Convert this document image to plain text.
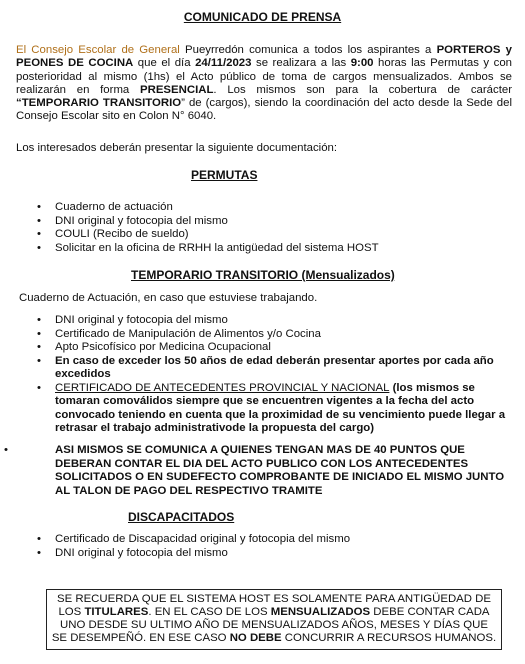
COMUNICADO DE PRENSA
El Consejo Escolar de General Pueyrredón comunica a todos los aspirantes a PORTEROS y PEONES DE COCINA que el día 24/11/2023 se realizara a las 9:00 horas las Permutas y con posterioridad al mismo (1hs) el Acto público de toma de cargos mensualizados. Ambos se realizarán en forma PRESENCIAL. Los mismos son para la cobertura de carácter “TEMPORARIO TRANSITORIO” de (cargos), siendo la coordinación del acto desde la Sede del Consejo Escolar sito en Colon N° 6040.
Los interesados deberán presentar la siguiente documentación:
PERMUTAS
• Cuaderno de actuación
• DNI original y fotocopia del mismo
• COULI (Recibo de sueldo)
• Solicitar en la oficina de RRHH la antigüedad del sistema HOST
TEMPORARIO TRANSITORIO (Mensualizados)
Cuaderno de Actuación, en caso que estuviese trabajando.
• DNI original y fotocopia del mismo
• Certificado de Manipulación de Alimentos y/o Cocina
• Apto Psicofísico por Medicina Ocupacional
• En caso de exceder los 50 años de edad deberán presentar aportes por cada año excedidos
• CERTIFICADO DE ANTECEDENTES PROVINCIAL Y NACIONAL (los mismos se tomaran comoválidos siempre que se encuentren vigentes a la fecha del acto convocado teniendo en cuenta que la proximidad de su vencimiento puede llegar a retrasar el trabajo administrativode la propuesta del cargo)
•	ASI MISMOS SE COMUNICA A QUIENES TENGAN MAS DE 40 PUNTOS QUE DEBERAN CONTAR EL DIA DEL ACTO PUBLICO CON LOS ANTECEDENTES SOLICITADOS O EN SUDEFECTO COMPROBANTE DE INICIADO EL MISMO JUNTO AL TALON DE PAGO DEL RESPECTIVO TRAMITE
DISCAPACITADOS
• Certificado de Discapacidad original y fotocopia del mismo
• DNI original y fotocopia del mismo
SE RECUERDA QUE EL SISTEMA HOST ES SOLAMENTE PARA ANTIGÜEDAD DE LOS TITULARES. EN EL CASO DE LOS MENSUALIZADOS DEBE CONTAR CADA UNO DESDE SU ULTIMO AÑO DE MENSUALIZADOS AÑOS, MESES Y DÍAS QUE SE DESEMPEÑÓ. EN ESE CASO NO DEBE CONCURRIR A RECURSOS HUMANOS.
